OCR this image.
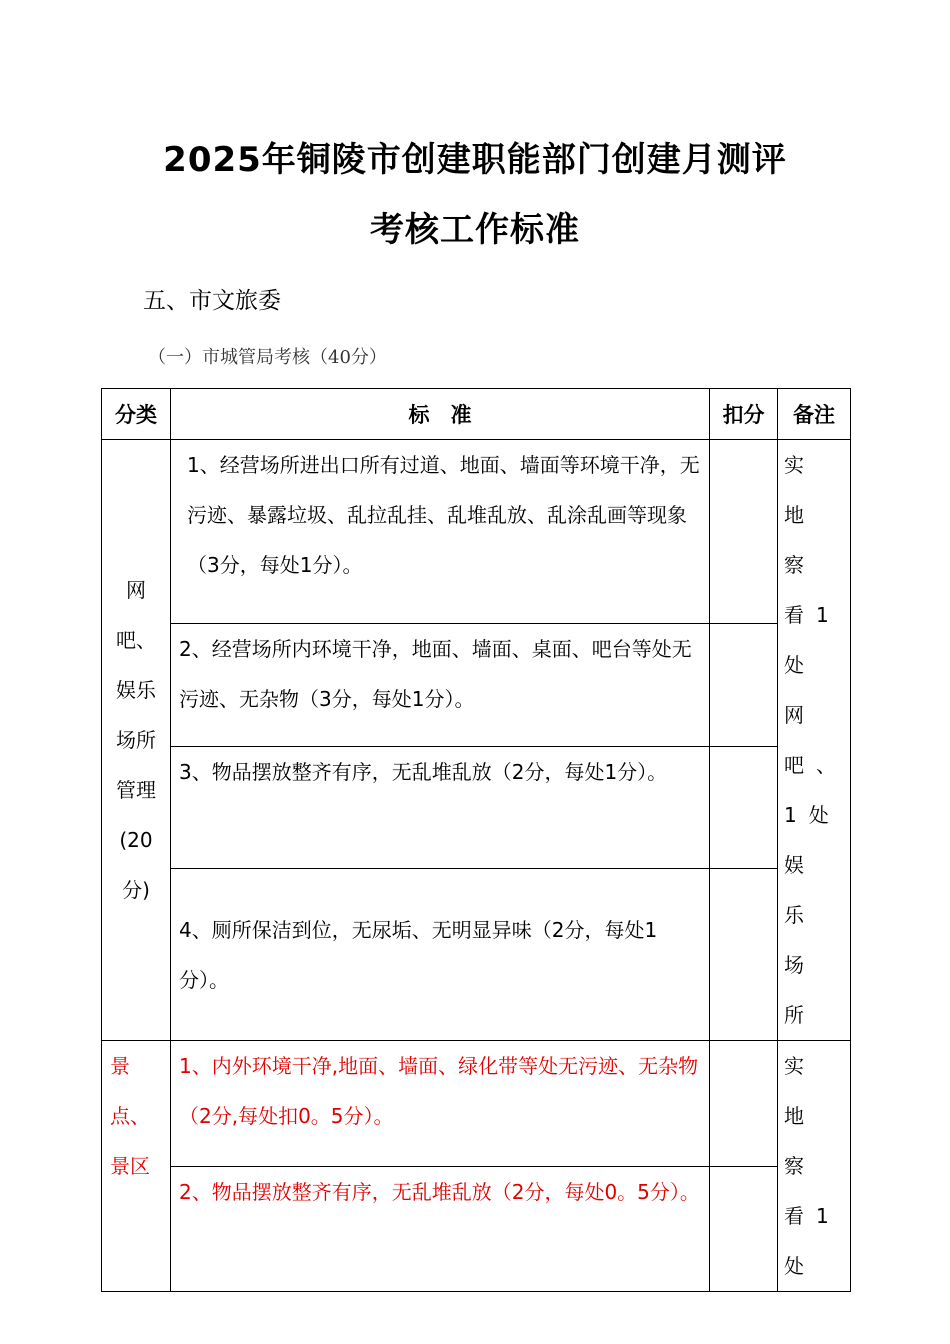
2025年铜陵市创建职能部门创建月测评
考核工作标准
五、市文旅委
（一）市城管局考核（40分）
分类	标　准	扣分	备注
网吧、娱乐场所管理(20分)	1、经营场所进出口所有过道、地面、墙面等环境干净，无污迹、暴露垃圾、乱拉乱挂、乱堆乱放、乱涂乱画等现象（3分，每处1分）。		实地察看1处网吧、1处娱乐场所

	2、经营场所内环境干净，地面、墙面、桌面、吧台等处无污迹、无杂物（3分，每处1分）。		
	3、物品摆放整齐有序，无乱堆乱放（2分，每处1分）。		
	4、厕所保洁到位，无尿垢、无明显异味（2分，每处1分）。		
景点、景区	1、内外环境干净,地面、墙面、绿化带等处无污迹、无杂物（2分,每处扣0。5分）。		实地察看1处

	2、物品摆放整齐有序，无乱堆乱放（2分，每处0。5分）。		
